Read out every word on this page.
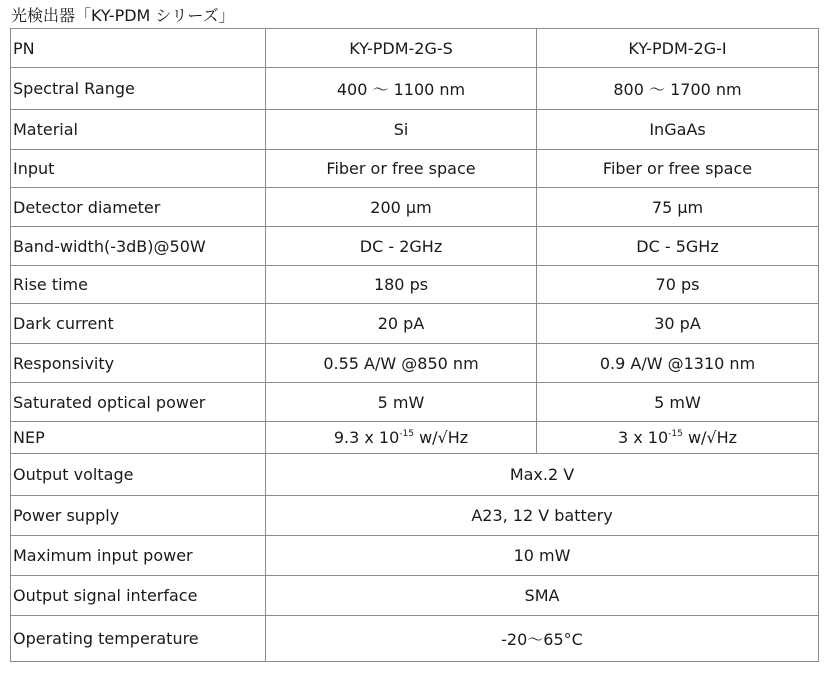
光検出器「KY-PDM シリーズ」
PN	KY-PDM-2G-S	KY-PDM-2G-I
Spectral Range	400 〜 1100 nm	800 〜 1700 nm
Material	Si	InGaAs
Input	Fiber or free space	Fiber or free space
Detector diameter	200 μm	75 μm
Band-width(-3dB)@50W	DC - 2GHz	DC - 5GHz
Rise time	180 ps	70 ps
Dark current	20 pA	30 pA
Responsivity	0.55 A/W @850 nm	0.9 A/W @1310 nm
Saturated optical power	5 mW	5 mW
NEP	9.3 x $10^{-15}$ w/√Hz	3 x $10^{-15}$ w/√Hz
Output voltage	Max.2 V	
Power supply	A23, 12 V battery	
Maximum input power	10 mW	
Output signal interface	SMA	
Operating temperature	-20〜65°C	
